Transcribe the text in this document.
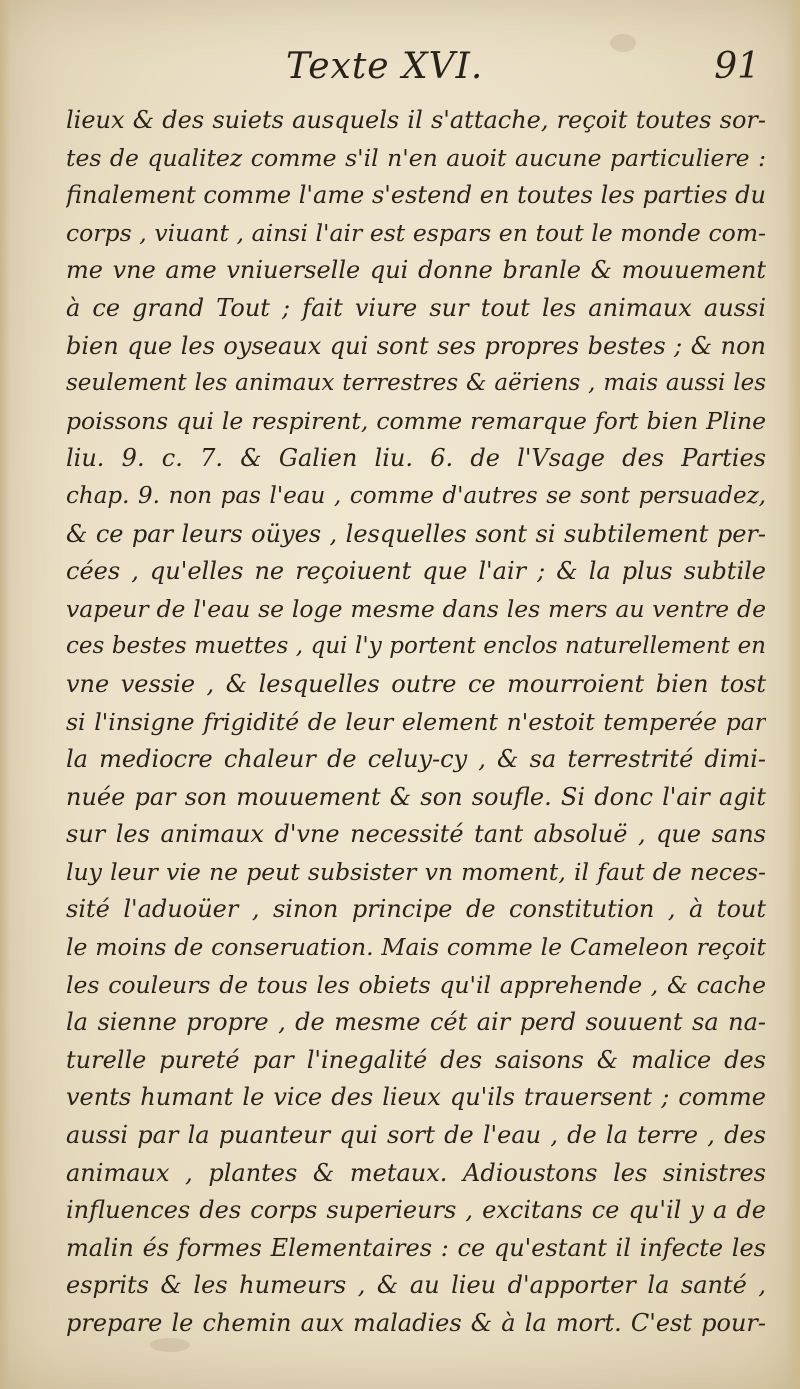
Texte XVI.	91
lieux & des suiets ausquels il s'attache, reçoit toutes sor-
tes de qualitez comme s'il n'en auoit aucune particuliere :
finalement comme l'ame s'estend en toutes les parties du
corps , viuant , ainsi l'air est espars en tout le monde com-
me vne ame vniuerselle qui donne branle & mouuement
à ce grand Tout ; fait viure sur tout les animaux aussi
bien que les oyseaux qui sont ses propres bestes ; & non
seulement les animaux terrestres & aëriens , mais aussi les
poissons qui le respirent, comme remarque fort bien Pline
liu. 9. c. 7. & Galien liu. 6. de l'Vsage des Parties
chap. 9. non pas l'eau , comme d'autres se sont persuadez,
& ce par leurs oüyes , lesquelles sont si subtilement per-
cées , qu'elles ne reçoiuent que l'air ; & la plus subtile
vapeur de l'eau se loge mesme dans les mers au ventre de
ces bestes muettes , qui l'y portent enclos naturellement en
vne vessie , & lesquelles outre ce mourroient bien tost
si l'insigne frigidité de leur element n'estoit temperée par
la mediocre chaleur de celuy-cy , & sa terrestrité dimi-
nuée par son mouuement & son soufle. Si donc l'air agit
sur les animaux d'vne necessité tant absoluë , que sans
luy leur vie ne peut subsister vn moment, il faut de neces-
sité l'aduoüer , sinon principe de constitution , à tout
le moins de conseruation. Mais comme le Cameleon reçoit
les couleurs de tous les obiets qu'il apprehende , & cache
la sienne propre , de mesme cét air perd souuent sa na-
turelle pureté par l'inegalité des saisons & malice des
vents humant le vice des lieux qu'ils trauersent ; comme
aussi par la puanteur qui sort de l'eau , de la terre , des
animaux , plantes & metaux. Adioustons les sinistres
influences des corps superieurs , excitans ce qu'il y a de
malin és formes Elementaires : ce qu'estant il infecte les
esprits & les humeurs , & au lieu d'apporter la santé ,
prepare le chemin aux maladies & à la mort. C'est pour-
